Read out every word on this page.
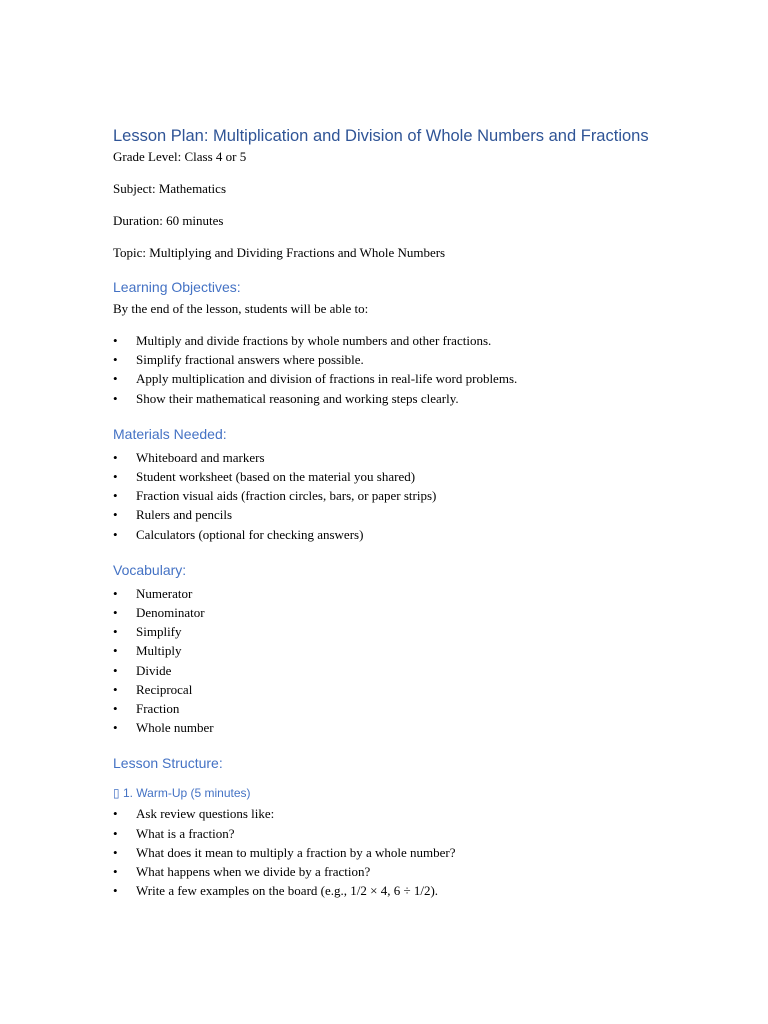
Lesson Plan: Multiplication and Division of Whole Numbers and Fractions

Grade Level: Class 4 or 5

Subject: Mathematics

Duration: 60 minutes

Topic: Multiplying and Dividing Fractions and Whole Numbers

Learning Objectives:

By the end of the lesson, students will be able to:

• Multiply and divide fractions by whole numbers and other fractions.
• Simplify fractional answers where possible.
• Apply multiplication and division of fractions in real-life word problems.
• Show their mathematical reasoning and working steps clearly.
Materials Needed:
• Whiteboard and markers
• Student worksheet (based on the material you shared)
• Fraction visual aids (fraction circles, bars, or paper strips)
• Rulers and pencils
• Calculators (optional for checking answers)
Vocabulary:
• Numerator
• Denominator
• Simplify
• Multiply
• Divide
• Reciprocal
• Fraction
• Whole number
Lesson Structure:
▯ 1. Warm-Up (5 minutes)
• Ask review questions like:
• What is a fraction?
• What does it mean to multiply a fraction by a whole number?
• What happens when we divide by a fraction?
• Write a few examples on the board (e.g., 1/2 × 4, 6 ÷ 1/2).
